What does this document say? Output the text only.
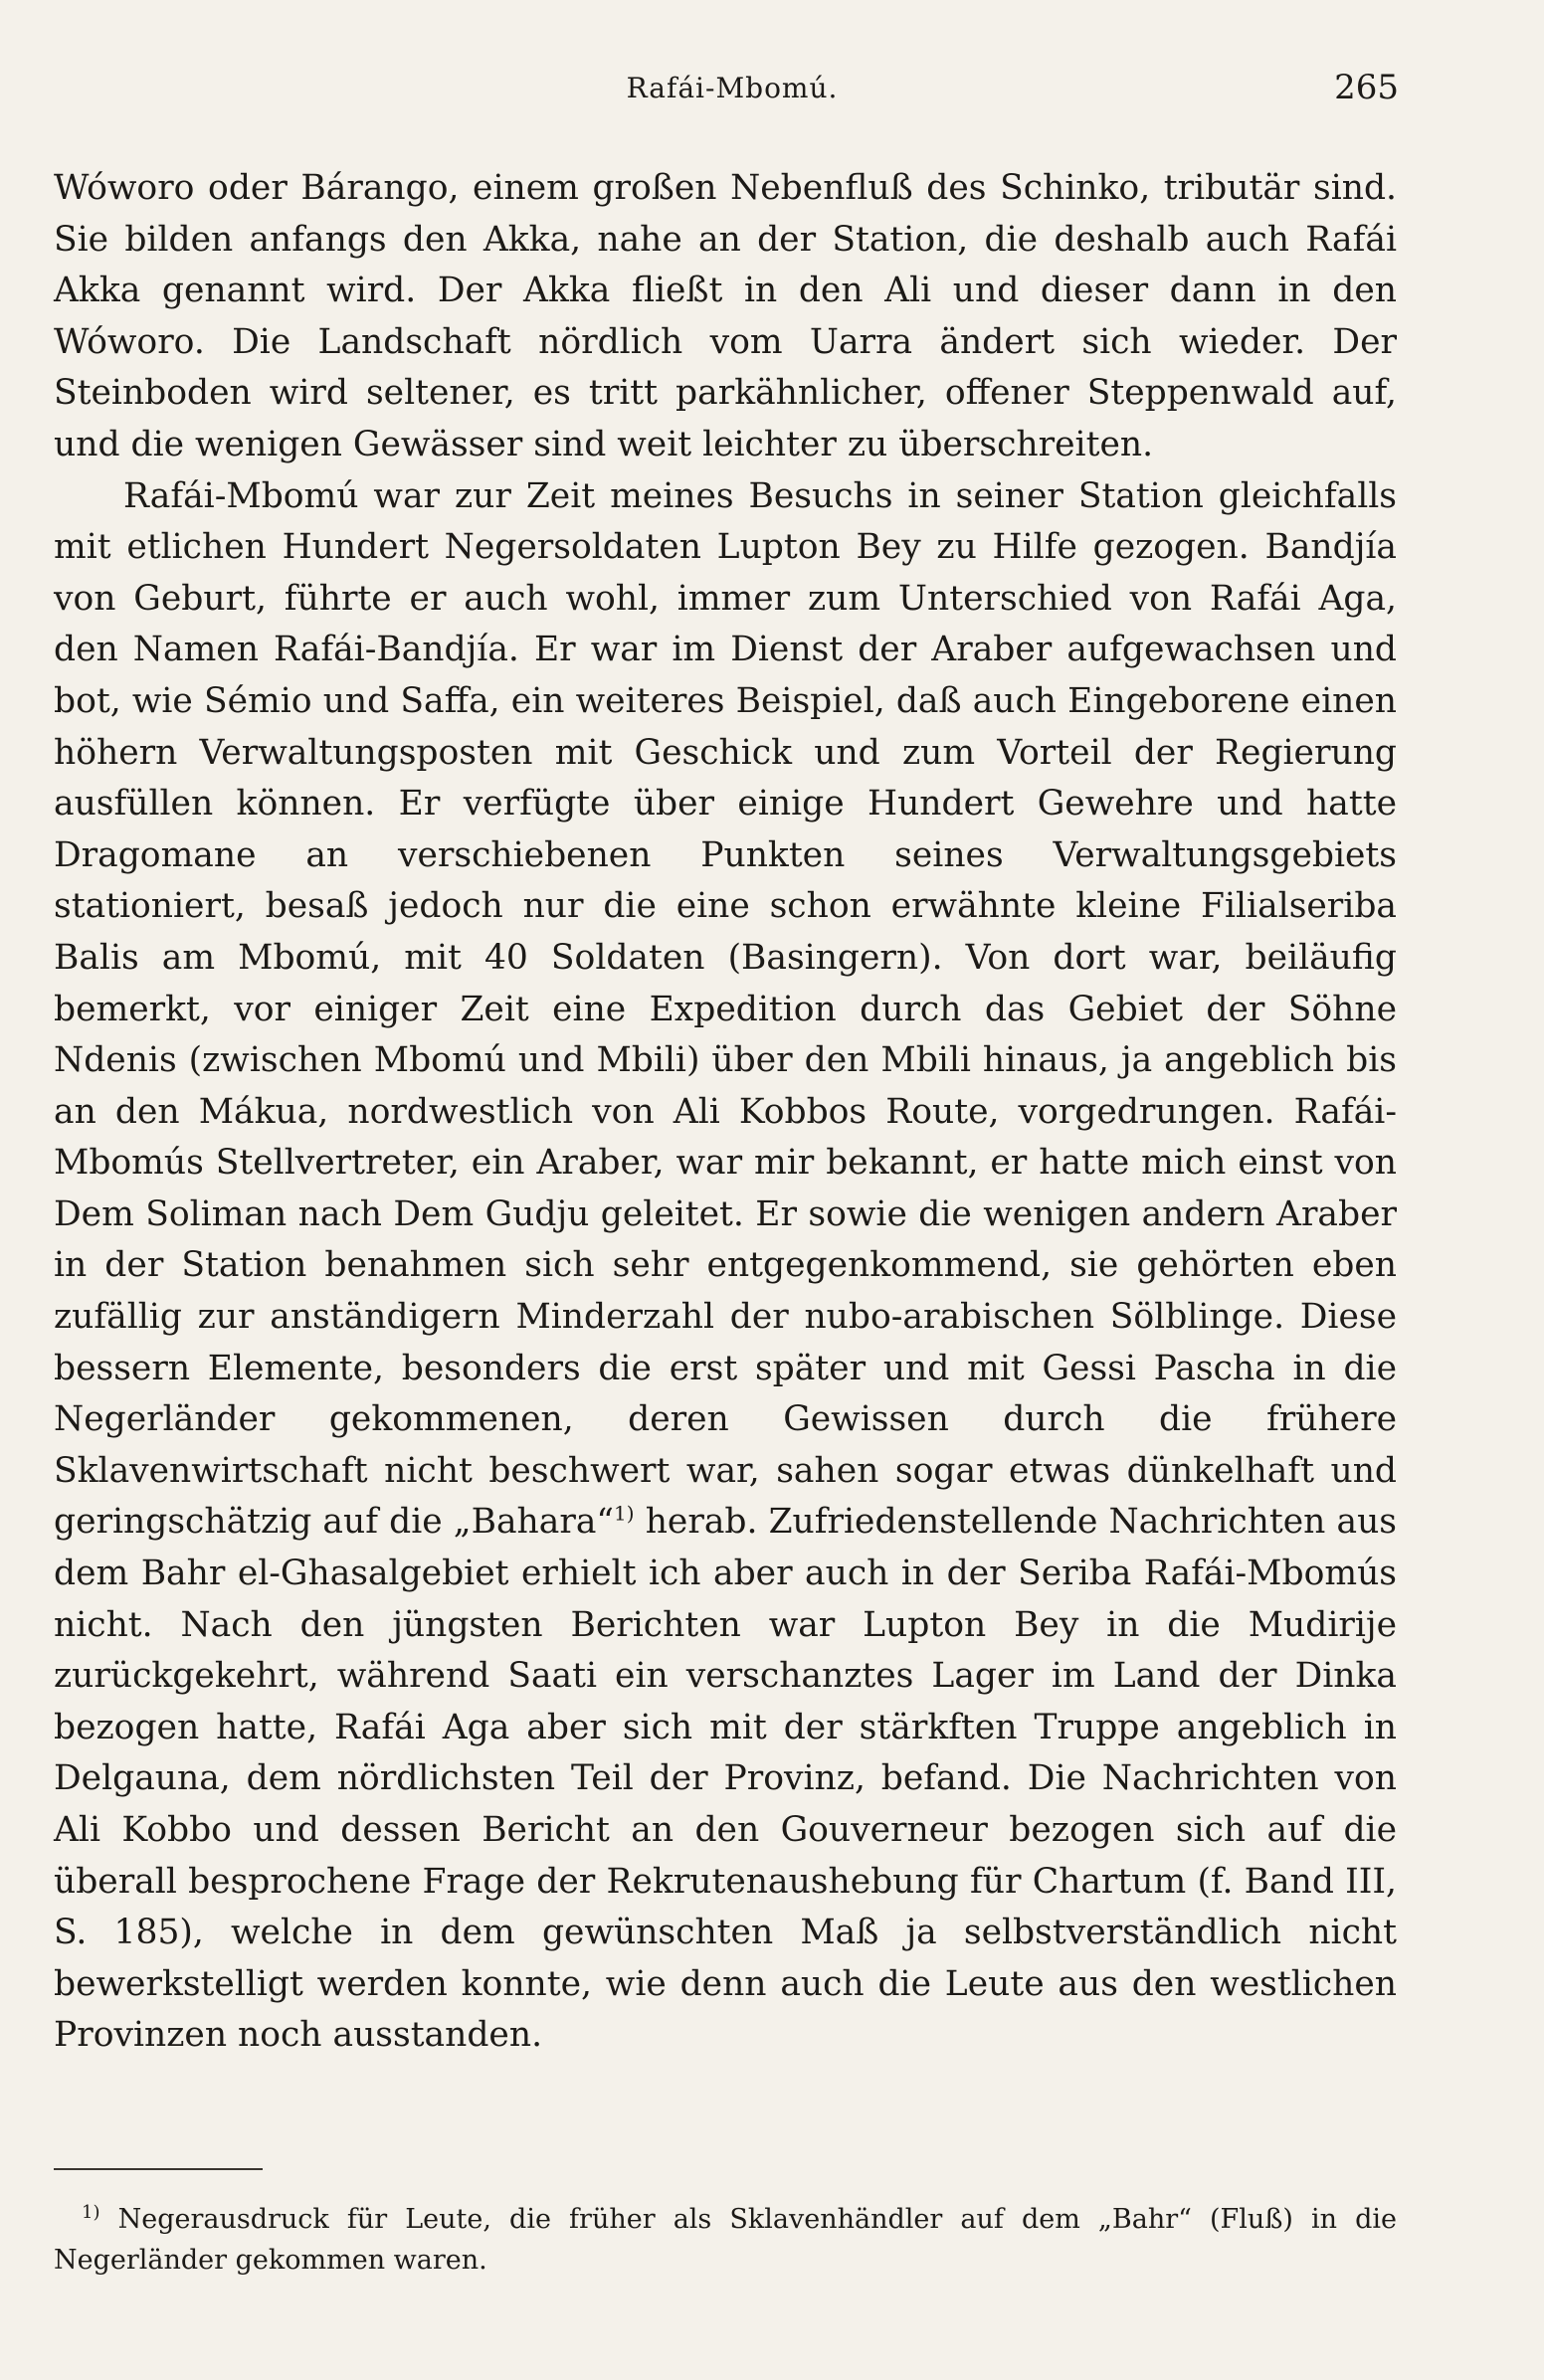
Rafái-Mbomú.	265

Wóworo oder Bárango, einem großen Nebenfluß des Schinko, tributär sind. Sie bilden anfangs den Akka, nahe an der Station, die deshalb auch Rafái Akka genannt wird. Der Akka fließt in den Ali und dieser dann in den Wóworo. Die Landschaft nördlich vom Uarra ändert sich wieder. Der Steinboden wird seltener, es tritt parkähnlicher, offener Steppenwald auf, und die wenigen Gewässer sind weit leichter zu überschreiten.

Rafái-Mbomú war zur Zeit meines Besuchs in seiner Station gleichfalls mit etlichen Hundert Negersoldaten Lupton Bey zu Hilfe gezogen. Bandjía von Geburt, führte er auch wohl, immer zum Unterschied von Rafái Aga, den Namen Rafái-Bandjía. Er war im Dienst der Araber aufgewachsen und bot, wie Sémio und Saffa, ein weiteres Beispiel, daß auch Eingeborene einen höhern Verwaltungsposten mit Geschick und zum Vorteil der Regierung ausfüllen können. Er verfügte über einige Hundert Gewehre und hatte Dragomane an verschiebenen Punkten seines Verwaltungsgebiets stationiert, besaß jedoch nur die eine schon erwähnte kleine Filialseriba Balis am Mbomú, mit 40 Soldaten (Basingern). Von dort war, beiläufig bemerkt, vor einiger Zeit eine Expedition durch das Gebiet der Söhne Ndenis (zwischen Mbomú und Mbili) über den Mbili hinaus, ja angeblich bis an den Mákua, nordwestlich von Ali Kobbos Route, vorgedrungen. Rafái-Mbomús Stellvertreter, ein Araber, war mir bekannt, er hatte mich einst von Dem Soliman nach Dem Gudju geleitet. Er sowie die wenigen andern Araber in der Station benahmen sich sehr entgegenkommend, sie gehörten eben zufällig zur anständigern Minderzahl der nubo-arabischen Sölblinge. Diese bessern Elemente, besonders die erst später und mit Gessi Pascha in die Negerländer gekommenen, deren Gewissen durch die frühere Sklavenwirtschaft nicht beschwert war, sahen sogar etwas dünkelhaft und geringschätzig auf die „Bahara“$^{1)}$ herab. Zufriedenstellende Nachrichten aus dem Bahr el-Ghasalgebiet erhielt ich aber auch in der Seriba Rafái-Mbomús nicht. Nach den jüngsten Berichten war Lupton Bey in die Mudirije zurückgekehrt, während Saati ein verschanztes Lager im Land der Dinka bezogen hatte, Rafái Aga aber sich mit der stärkften Truppe angeblich in Delgauna, dem nördlichsten Teil der Provinz, befand. Die Nachrichten von Ali Kobbo und dessen Bericht an den Gouverneur bezogen sich auf die überall besprochene Frage der Rekrutenaushebung für Chartum (f. Band III, S. 185), welche in dem gewünschten Maß ja selbstverständlich nicht bewerkstelligt werden konnte, wie denn auch die Leute aus den westlichen Provinzen noch ausstanden.

$^{1)}$ Negerausdruck für Leute, die früher als Sklavenhändler auf dem „Bahr“ (Fluß) in die Negerländer gekommen waren.
